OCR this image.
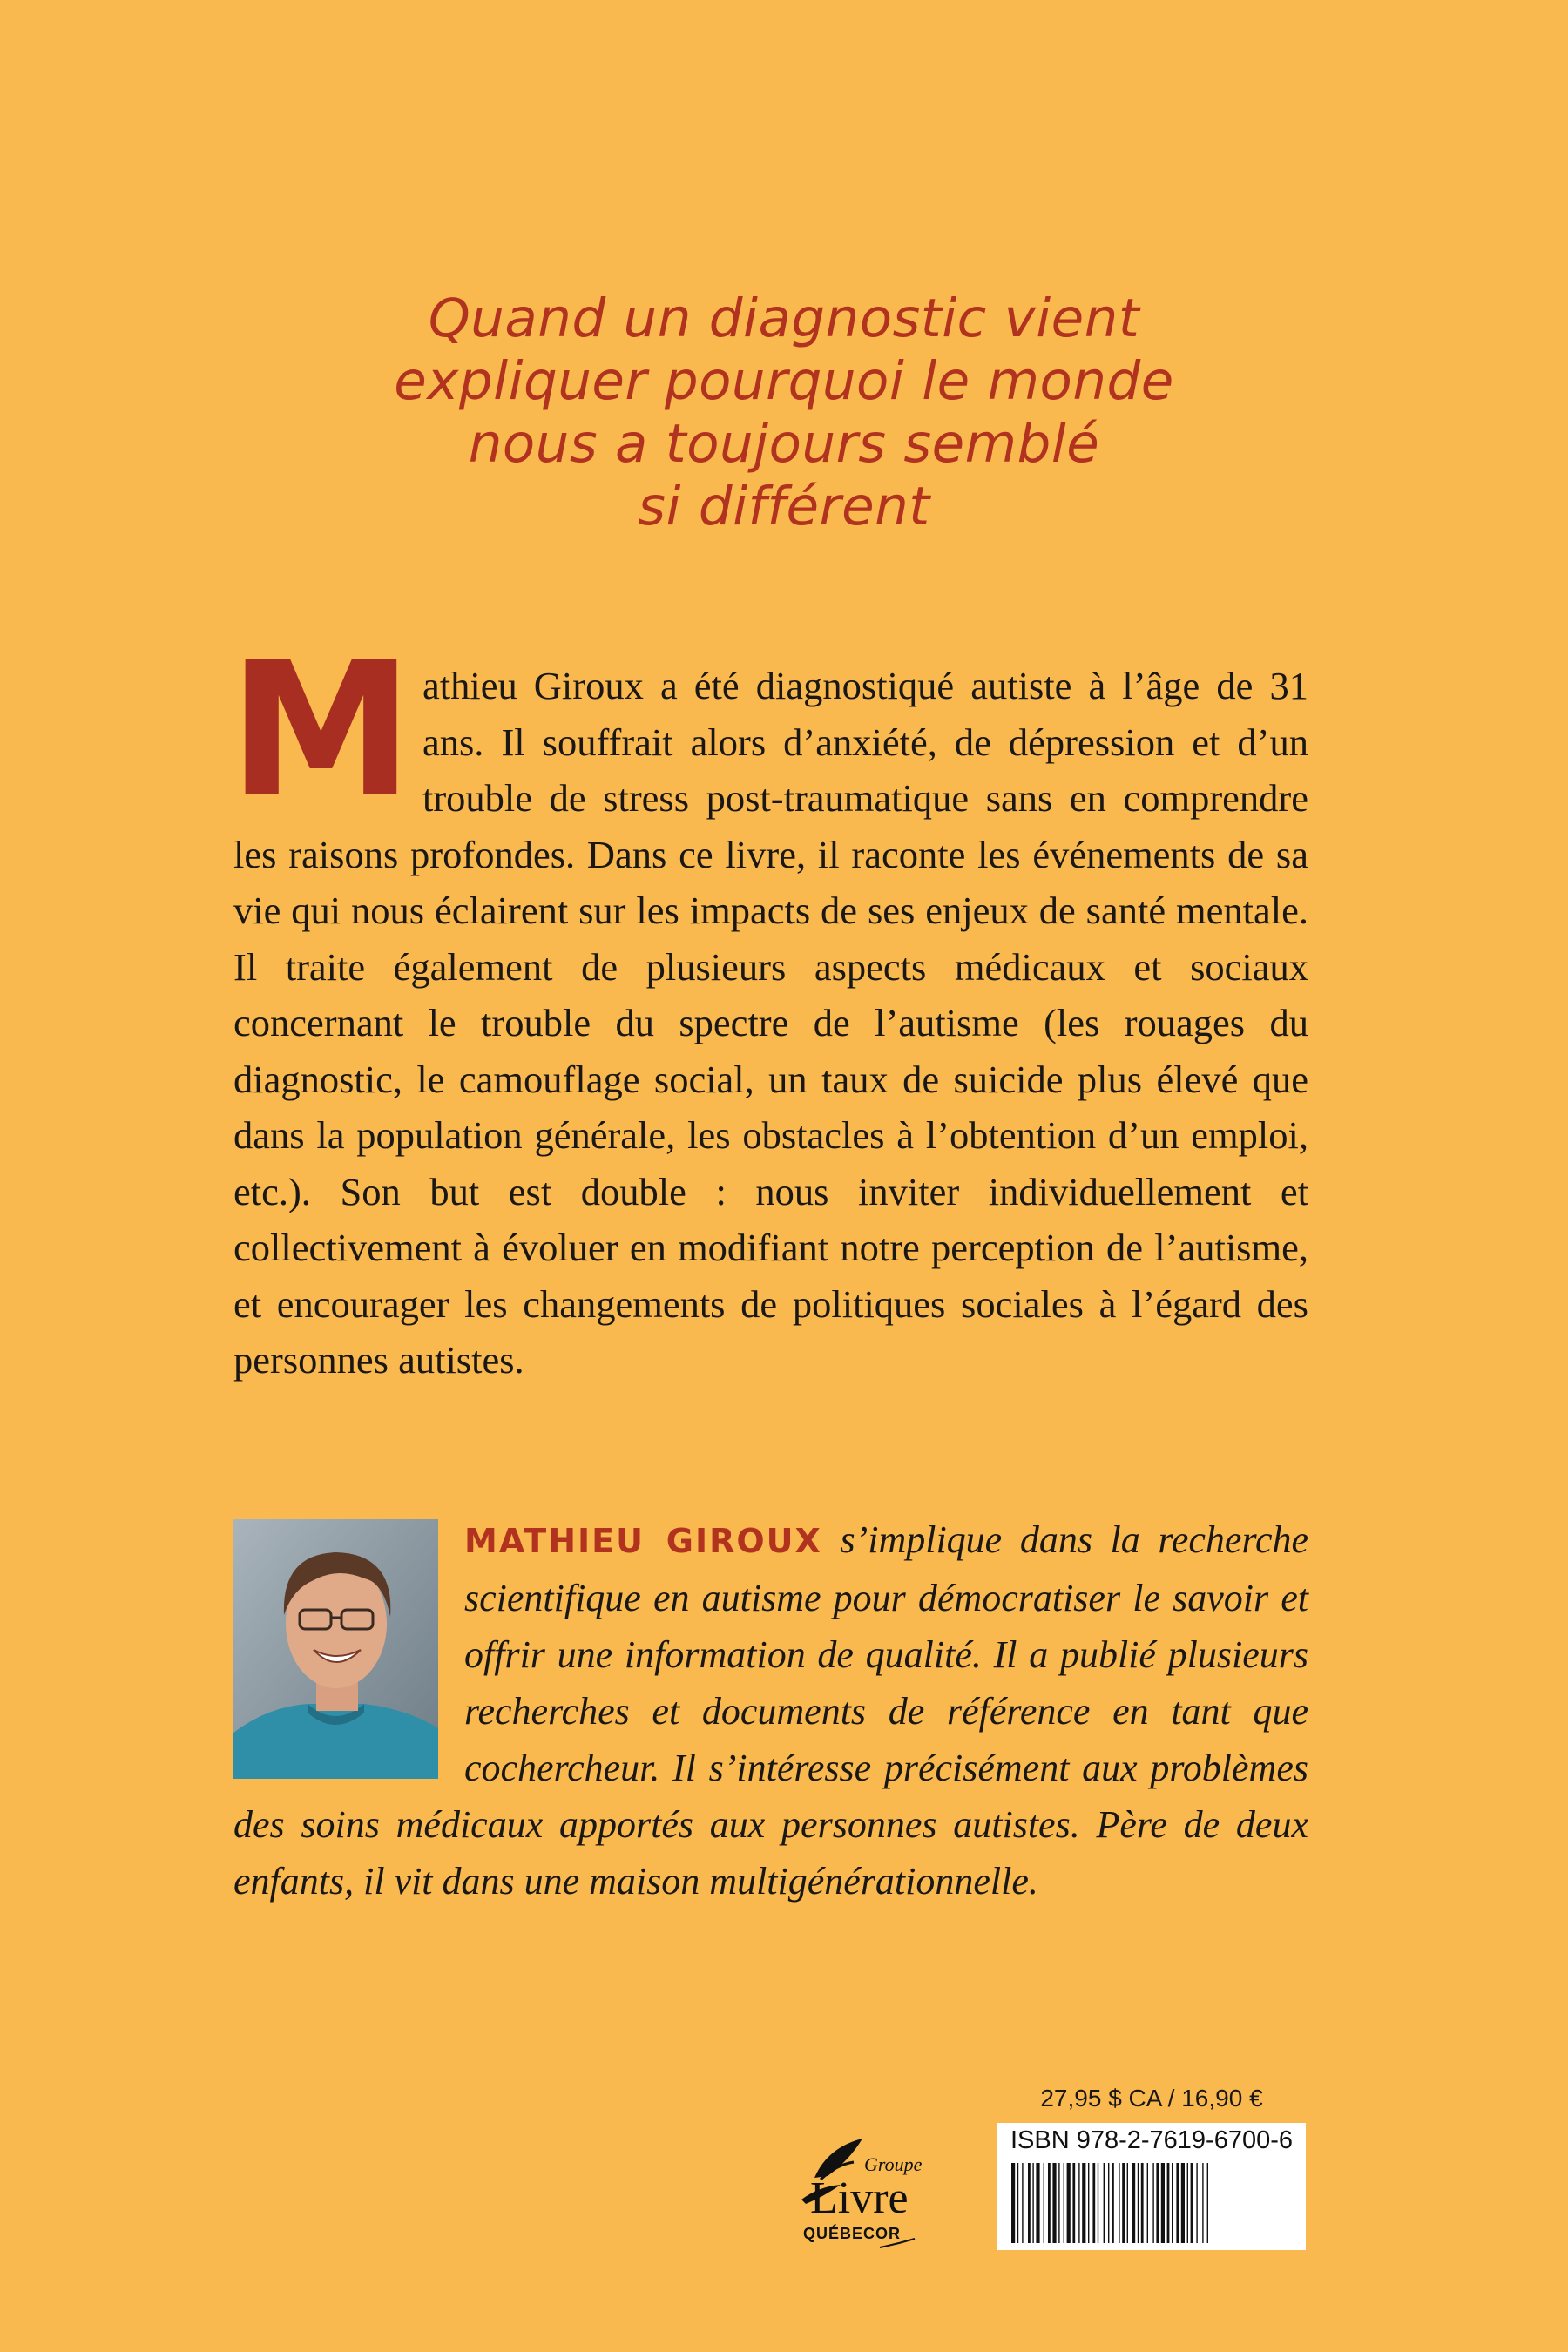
Quand un diagnostic vient
expliquer pourquoi le monde
nous a toujours semblé
si différent
Mathieu Giroux a été diagnostiqué autiste à l’âge de 31 ans. Il souffrait alors d’anxiété, de dépression et d’un trouble de stress post-traumatique sans en comprendre les raisons profondes. Dans ce livre, il raconte les événements de sa vie qui nous éclairent sur les impacts de ses enjeux de santé mentale. Il traite également de plusieurs aspects médicaux et sociaux concernant le trouble du spectre de l’autisme (les rouages du diagnostic, le camouflage social, un taux de suicide plus élevé que dans la population générale, les obstacles à l’obtention d’un emploi, etc.). Son but est double : nous inviter individuellement et collectivement à évoluer en modifiant notre perception de l’autisme, et encourager les changements de politiques sociales à l’égard des personnes autistes.
MATHIEU GIROUX s’implique dans la recherche scientifique en autisme pour démocratiser le savoir et offrir une information de qualité. Il a publié plusieurs recherches et documents de référence en tant que cochercheur. Il s’intéresse précisément aux problèmes des soins médicaux apportés aux personnes autistes. Père de deux enfants, il vit dans une maison multigénérationnelle.
Groupe
Livre
QUÉBECOR
27,95 $ CA / 16,90 €
ISBN 978-2-7619-6700-6
